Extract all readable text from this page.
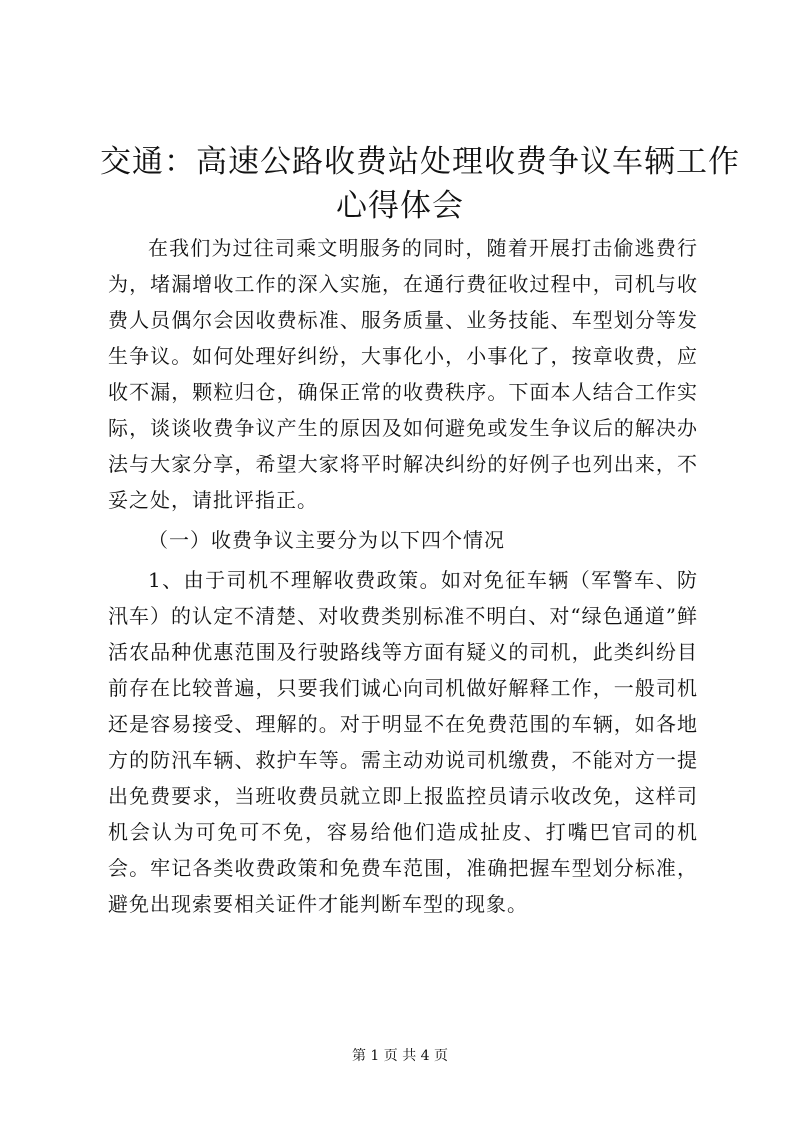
交通：高速公路收费站处理收费争议车辆工作
心得体会

在我们为过往司乘文明服务的同时，随着开展打击偷逃费行为，堵漏增收工作的深入实施，在通行费征收过程中，司机与收费人员偶尔会因收费标准、服务质量、业务技能、车型划分等发生争议。如何处理好纠纷，大事化小，小事化了，按章收费，应收不漏，颗粒归仓，确保正常的收费秩序。下面本人结合工作实际，谈谈收费争议产生的原因及如何避免或发生争议后的解决办法与大家分享，希望大家将平时解决纠纷的好例子也列出来，不妥之处，请批评指正。

（一）收费争议主要分为以下四个情况

1、由于司机不理解收费政策。如对免征车辆（军警车、防汛车）的认定不清楚、对收费类别标准不明白、对“绿色通道”鲜活农品种优惠范围及行驶路线等方面有疑义的司机，此类纠纷目前存在比较普遍，只要我们诚心向司机做好解释工作，一般司机还是容易接受、理解的。对于明显不在免费范围的车辆，如各地方的防汛车辆、救护车等。需主动劝说司机缴费，不能对方一提出免费要求，当班收费员就立即上报监控员请示收改免，这样司机会认为可免可不免，容易给他们造成扯皮、打嘴巴官司的机会。牢记各类收费政策和免费车范围，准确把握车型划分标准，避免出现索要相关证件才能判断车型的现象。

第 1 页 共 4 页
